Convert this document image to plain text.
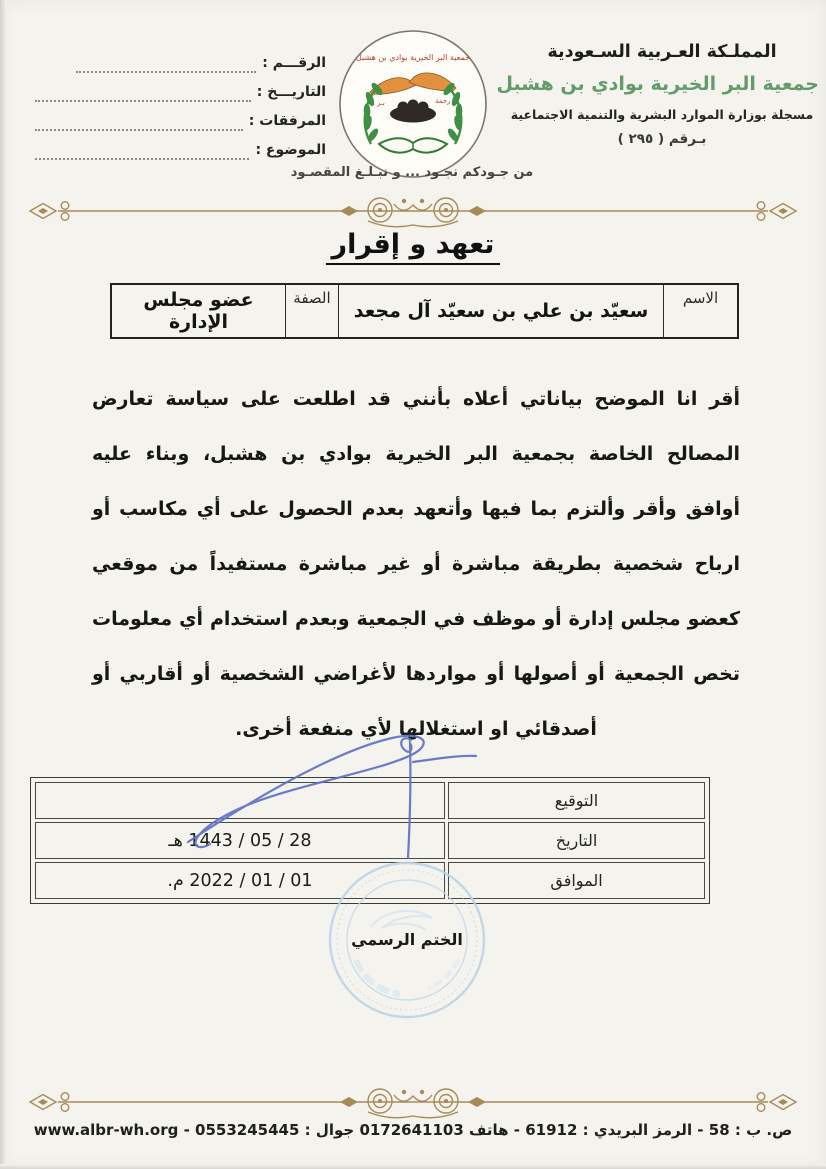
الرقـــم :
التاريـــخ :
المرفقات :
الموضوع :
المملـكة العـربية السـعودية
جمعية البر الخيرية بوادي بن هشبل
مسجلة بوزارة الموارد البشرية والتنمية الاجتماعية
بـرقم ( ٢٩٥ )
جمعية البر الخيرية بوادي بن هشبل
بـر	رحمة
من جـودكم نجـود ... و نبـلـغ المقصـود
تعهد و إقرار
الاسم	سعيّد بن علي بن سعيّد آل مجعد	الصفة	عضو مجلس الإدارة
أقر انا الموضح بياناتي أعلاه بأنني قد اطلعت على سياسة تعارض
المصالح الخاصة بجمعية البر الخيرية بوادي بن هشبل، وبناء عليه
أوافق وأقر وألتزم بما فيها وأتعهد بعدم الحصول على أي مكاسب أو
ارباح شخصية بطريقة مباشرة أو غير مباشرة مستفيداً من موقعي
كعضو مجلس إدارة أو موظف في الجمعية وبعدم استخدام أي معلومات
تخص الجمعية أو أصولها أو مواردها لأغراضي الشخصية أو أقاربي أو
أصدقائي او استغلالها لأي منفعة أخرى.
التوقيع	
التاريخ	28 / 05 / 1443 هـ
الموافق	01 / 01 / 2022 م.
الختم الرسمي
ص. ب : 58 - الرمز البريدي : 61912 - هاتف 0172641103 جوال : 0553245445 - www.albr-wh.org
